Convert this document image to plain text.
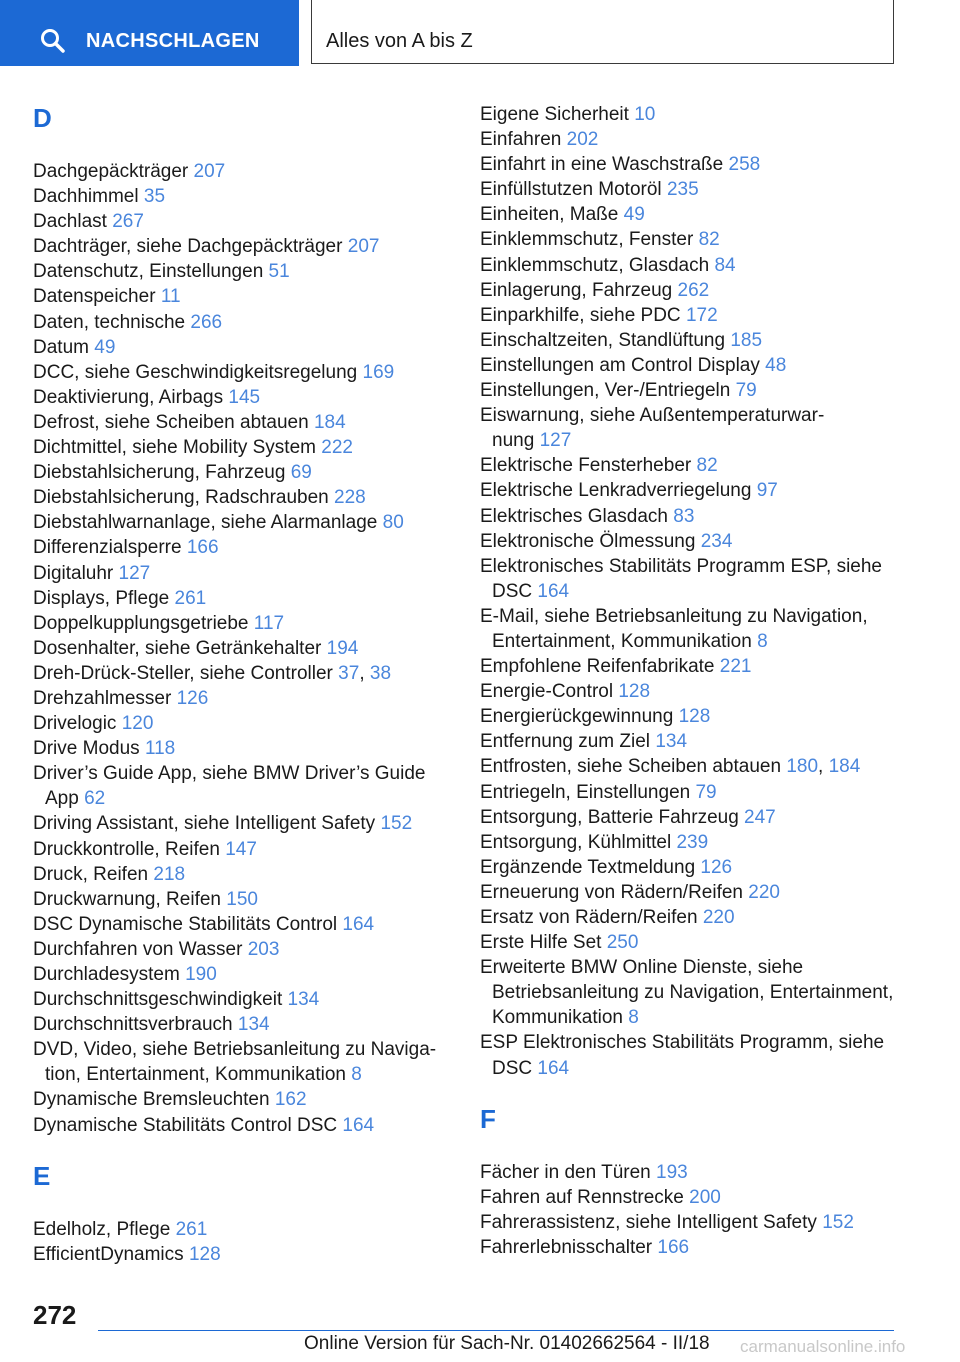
NACHSCHLAGEN	Alles von A bis Z
D
Dachgepäckträger 207
Dachhimmel 35
Dachlast 267
Dachträger, siehe Dachgepäckträger 207
Datenschutz, Einstellungen 51
Datenspeicher 11
Daten, technische 266
Datum 49
DCC, siehe Geschwindigkeitsregelung 169
Deaktivierung, Airbags 145
Defrost, siehe Scheiben abtauen 184
Dichtmittel, siehe Mobility System 222
Diebstahlsicherung, Fahrzeug 69
Diebstahlsicherung, Radschrauben 228
Diebstahlwarnanlage, siehe Alarmanlage 80
Differenzialsperre 166
Digitaluhr 127
Displays, Pflege 261
Doppelkupplungsgetriebe 117
Dosenhalter, siehe Getränkehalter 194
Dreh-Drück-Steller, siehe Controller 37, 38
Drehzahlmesser 126
Drivelogic 120
Drive Modus 118
Driver’s Guide App, siehe BMW Driver’s Guide
App 62
Driving Assistant, siehe Intelligent Safety 152
Druckkontrolle, Reifen 147
Druck, Reifen 218
Druckwarnung, Reifen 150
DSC Dynamische Stabilitäts Control 164
Durchfahren von Wasser 203
Durchladesystem 190
Durchschnittsgeschwindigkeit 134
Durchschnittsverbrauch 134
DVD, Video, siehe Betriebsanleitung zu Naviga-
tion, Entertainment, Kommunikation 8
Dynamische Bremsleuchten 162
Dynamische Stabilitäts Control DSC 164
E
Edelholz, Pflege 261
EfficientDynamics 128
Eigene Sicherheit 10
Einfahren 202
Einfahrt in eine Waschstraße 258
Einfüllstutzen Motoröl 235
Einheiten, Maße 49
Einklemmschutz, Fenster 82
Einklemmschutz, Glasdach 84
Einlagerung, Fahrzeug 262
Einparkhilfe, siehe PDC 172
Einschaltzeiten, Standlüftung 185
Einstellungen am Control Display 48
Einstellungen, Ver-/Entriegeln 79
Eiswarnung, siehe Außentemperaturwar-
nung 127
Elektrische Fensterheber 82
Elektrische Lenkradverriegelung 97
Elektrisches Glasdach 83
Elektronische Ölmessung 234
Elektronisches Stabilitäts Programm ESP, siehe
DSC 164
E-Mail, siehe Betriebsanleitung zu Navigation,
Entertainment, Kommunikation 8
Empfohlene Reifenfabrikate 221
Energie-Control 128
Energierückgewinnung 128
Entfernung zum Ziel 134
Entfrosten, siehe Scheiben abtauen 180, 184
Entriegeln, Einstellungen 79
Entsorgung, Batterie Fahrzeug 247
Entsorgung, Kühlmittel 239
Ergänzende Textmeldung 126
Erneuerung von Rädern/Reifen 220
Ersatz von Rädern/Reifen 220
Erste Hilfe Set 250
Erweiterte BMW Online Dienste, siehe
Betriebsanleitung zu Navigation, Entertainment,
Kommunikation 8
ESP Elektronisches Stabilitäts Programm, siehe
DSC 164
F
Fächer in den Türen 193
Fahren auf Rennstrecke 200
Fahrerassistenz, siehe Intelligent Safety 152
Fahrerlebnisschalter 166
272
Online Version für Sach-Nr. 01402662564 - II/18 carmanualsonline.info
